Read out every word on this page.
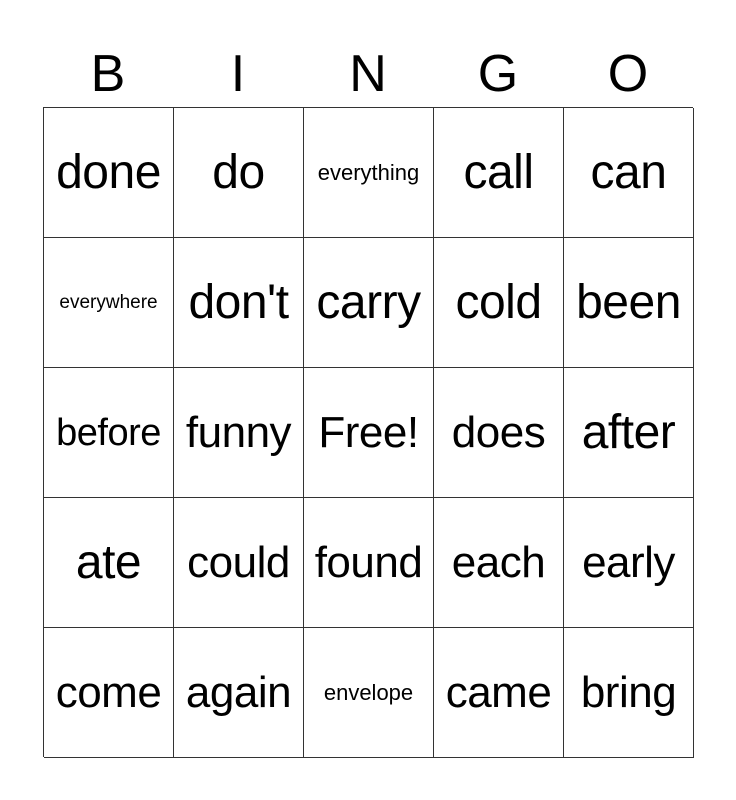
B	I	N	G	O
done do everything call can
everywhere don't carry cold been
before funny Free! does after
ate could found each early
come again envelope came bring
